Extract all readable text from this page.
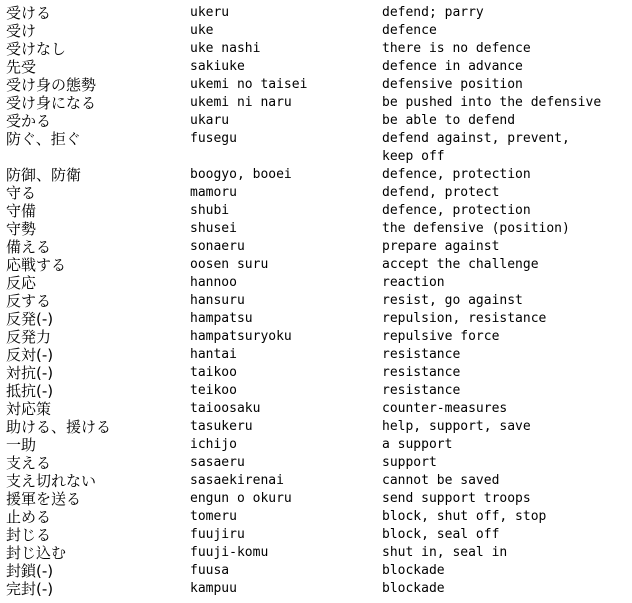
受ける	ukeru	defend; parry
受け	uke	defence
受けなし	uke nashi	there is no defence
先受	sakiuke	defence in advance
受け身の態勢	ukemi no taisei	defensive position
受け身になる	ukemi ni naru	be pushed into the defensive
受かる	ukaru	be able to defend
防ぐ、拒ぐ	fusegu	defend against, prevent,
keep off
防御、防衛	boogyo, booei	defence, protection
守る	mamoru	defend, protect
守備	shubi	defence, protection
守勢	shusei	the defensive (position)
備える	sonaeru	prepare against
応戦する	oosen suru	accept the challenge
反応	hannoo	reaction
反する	hansuru	resist, go against
反発(-)	hampatsu	repulsion, resistance
反発力	hampatsuryoku	repulsive force
反対(-)	hantai	resistance
対抗(-)	taikoo	resistance
抵抗(-)	teikoo	resistance
対応策	taioosaku	counter-measures
助ける、援ける	tasukeru	help, support, save
一助	ichijo	a support
支える	sasaeru	support
支え切れない	sasaekirenai	cannot be saved
援軍を送る	engun o okuru	send support troops
止める	tomeru	block, shut off, stop
封じる	fuujiru	block, seal off
封じ込む	fuuji-komu	shut in, seal in
封鎖(-)	fuusa	blockade
完封(-)	kampuu	blockade
